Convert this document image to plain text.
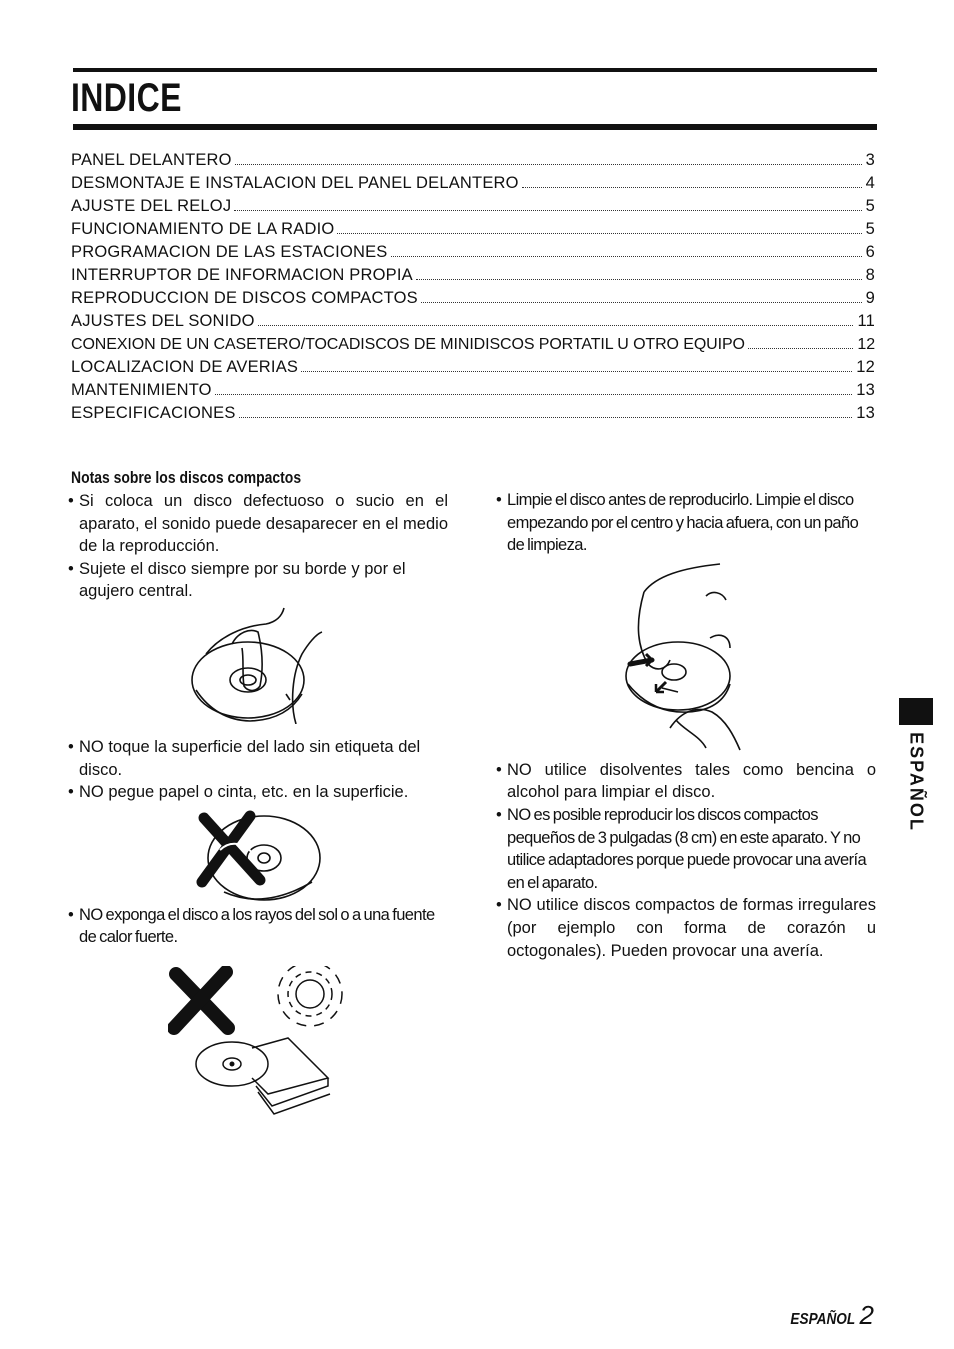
INDICE
PANEL DELANTERO	3
DESMONTAJE E INSTALACION DEL PANEL DELANTERO	4
AJUSTE DEL RELOJ	5
FUNCIONAMIENTO DE LA RADIO	5
PROGRAMACION DE LAS ESTACIONES	6
INTERRUPTOR DE INFORMACION PROPIA	8
REPRODUCCION DE DISCOS COMPACTOS	9
AJUSTES DEL SONIDO	11
CONEXION DE UN CASETERO/TOCADISCOS DE MINIDISCOS PORTATIL U OTRO EQUIPO	12
LOCALIZACION DE AVERIAS	12
MANTENIMIENTO	13
ESPECIFICACIONES	13
Notas sobre los discos compactos
• Si coloca un disco defectuoso o sucio en el aparato, el sonido puede desaparecer en el medio de la reproducción.
• Sujete el disco siempre por su borde y por el agujero central.
• NO toque la superficie del lado sin etiqueta del disco.
• NO pegue papel o cinta, etc. en la superficie.
• NO exponga el disco a los rayos del sol o a una fuente de calor fuerte.
• Limpie el disco antes de reproducirlo. Limpie el disco empezando por el centro y hacia afuera, con un paño de limpieza.
• NO utilice disolventes tales como bencina o alcohol para limpiar el disco.
• NO es posible reproducir los discos compactos pequeños de 3 pulgadas (8 cm) en este aparato. Y no utilice adaptadores porque puede provocar una avería en el aparato.
• NO utilice discos compactos de formas irregulares (por ejemplo con forma de corazón u octogonales). Pueden provocar una avería.
ESPAÑOL
ESPAÑOL 2
